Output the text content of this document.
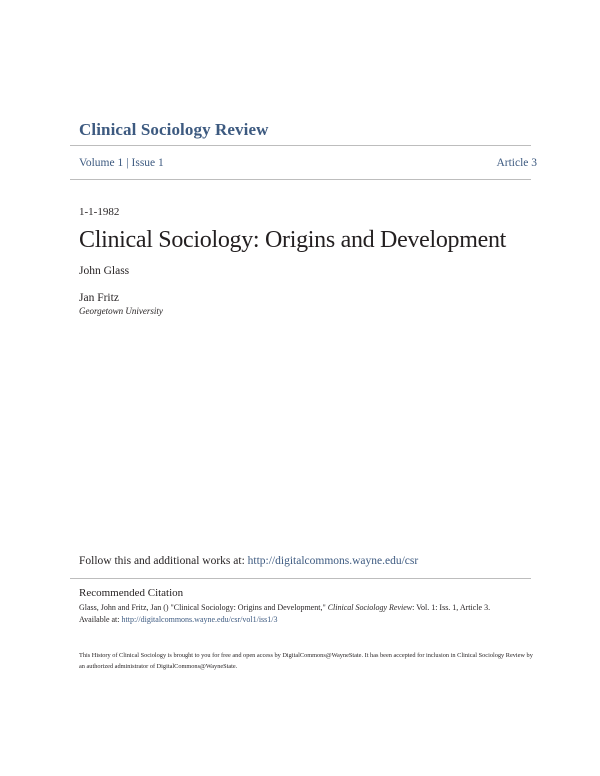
Clinical Sociology Review
Volume 1 | Issue 1	Article 3
1-1-1982
Clinical Sociology: Origins and Development
John Glass
Jan Fritz
Georgetown University
Follow this and additional works at: http://digitalcommons.wayne.edu/csr
Recommended Citation
Glass, John and Fritz, Jan () "Clinical Sociology: Origins and Development," Clinical Sociology Review: Vol. 1: Iss. 1, Article 3.
Available at: http://digitalcommons.wayne.edu/csr/vol1/iss1/3
This History of Clinical Sociology is brought to you for free and open access by DigitalCommons@WayneState. It has been accepted for inclusion in Clinical Sociology Review by an authorized administrator of DigitalCommons@WayneState.
